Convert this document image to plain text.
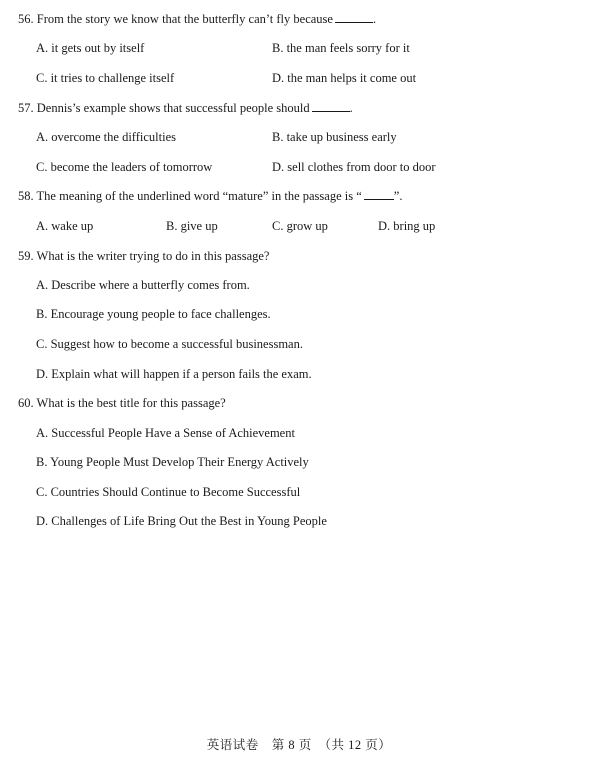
56. From the story we know that the butterfly can’t fly because	.
A. it gets out by itself	B. the man feels sorry for it
C. it tries to challenge itself	D. the man helps it come out
57. Dennis’s example shows that successful people should	.
A. overcome the difficulties	B. take up business early
C. become the leaders of tomorrow	D. sell clothes from door to door
58. The meaning of the underlined word “mature” in the passage is “	”.
A. wake up	B. give up	C. grow up	D. bring up
59. What is the writer trying to do in this passage?
A. Describe where a butterfly comes from.
B. Encourage young people to face challenges.
C. Suggest how to become a successful businessman.
D. Explain what will happen if a person fails the exam.
60. What is the best title for this passage?
A. Successful People Have a Sense of Achievement
B. Young People Must Develop Their Energy Actively
C. Countries Should Continue to Become Successful
D. Challenges of Life Bring Out the Best in Young People
英语试卷　第 8 页　（共 12 页）
